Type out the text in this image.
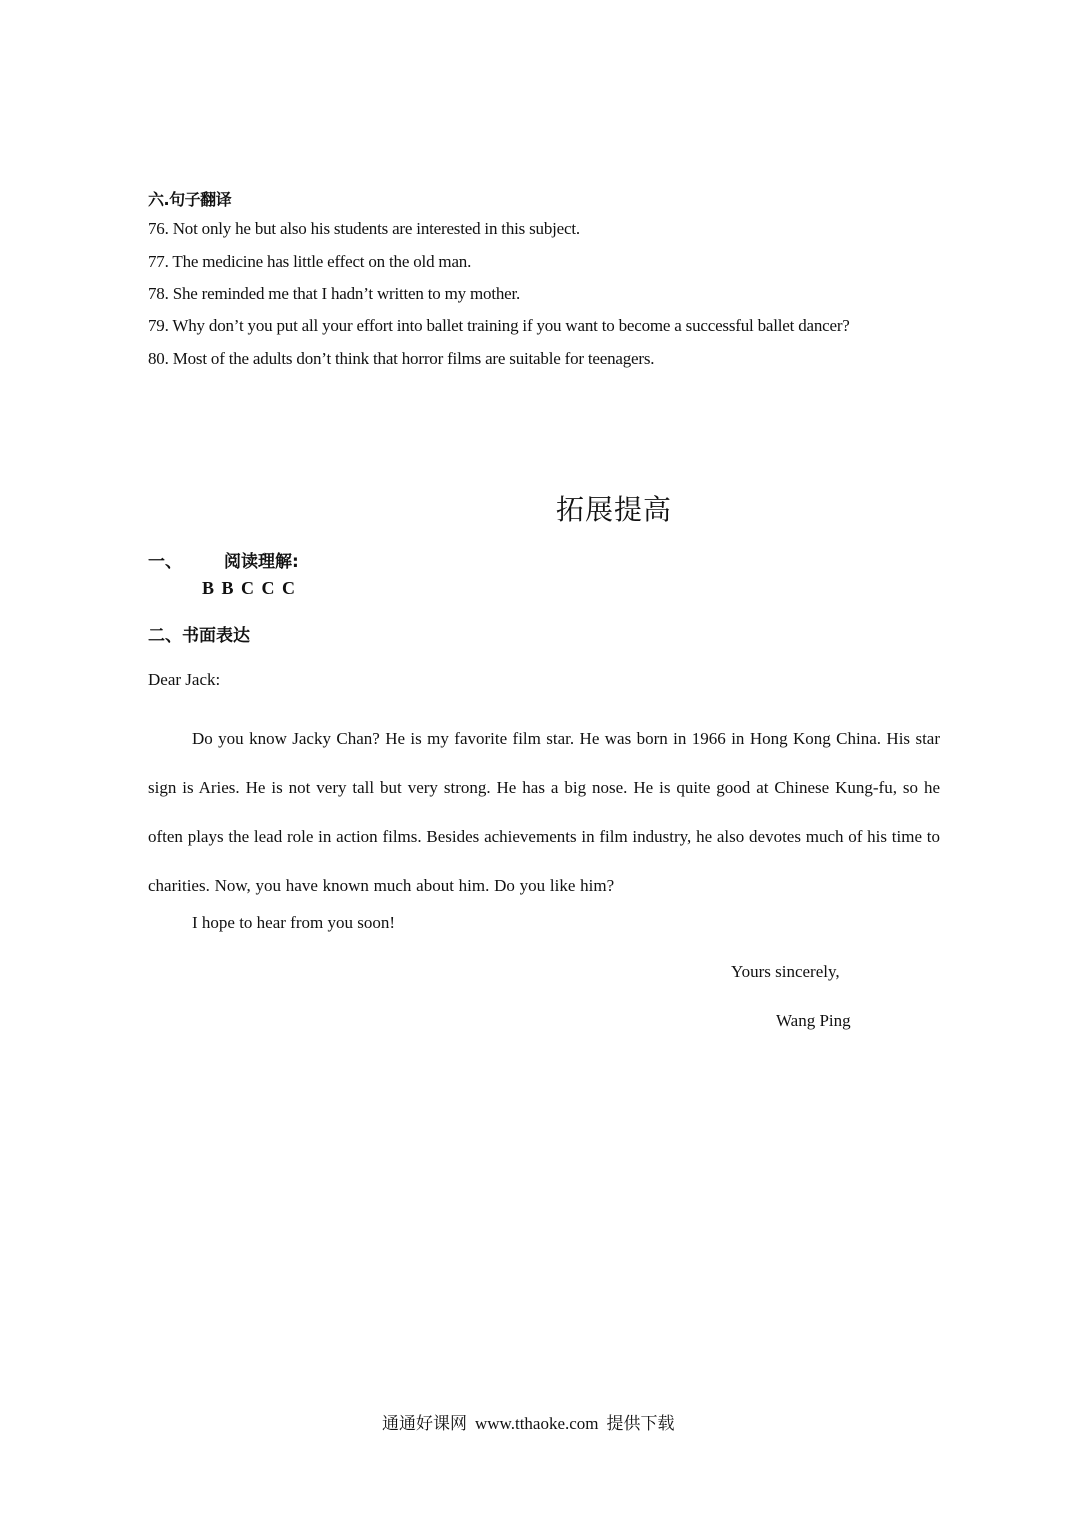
六.句子翻译
76. Not only he but also his students are interested in this subject.
77. The medicine has little effect on the old man.
78. She reminded me that I hadn’t written to my mother.
79. Why don’t you put all your effort into ballet training if you want to become a successful ballet dancer?
80. Most of the adults don’t think that horror films are suitable for teenagers.
拓展提高
一、 阅读理解:
B B C C C
二、书面表达
Dear Jack:
Do you know Jacky Chan? He is my favorite film star. He was born in 1966 in Hong Kong China. His star sign is Aries. He is not very tall but very strong. He has a big nose. He is quite good at Chinese Kung-fu, so he often plays the lead role in action films. Besides achievements in film industry, he also devotes much of his time to charities. Now, you have known much about him. Do you like him?
I hope to hear from you soon!
Yours sincerely,
Wang Ping
通通好课网 www.tthaoke.com 提供下载
